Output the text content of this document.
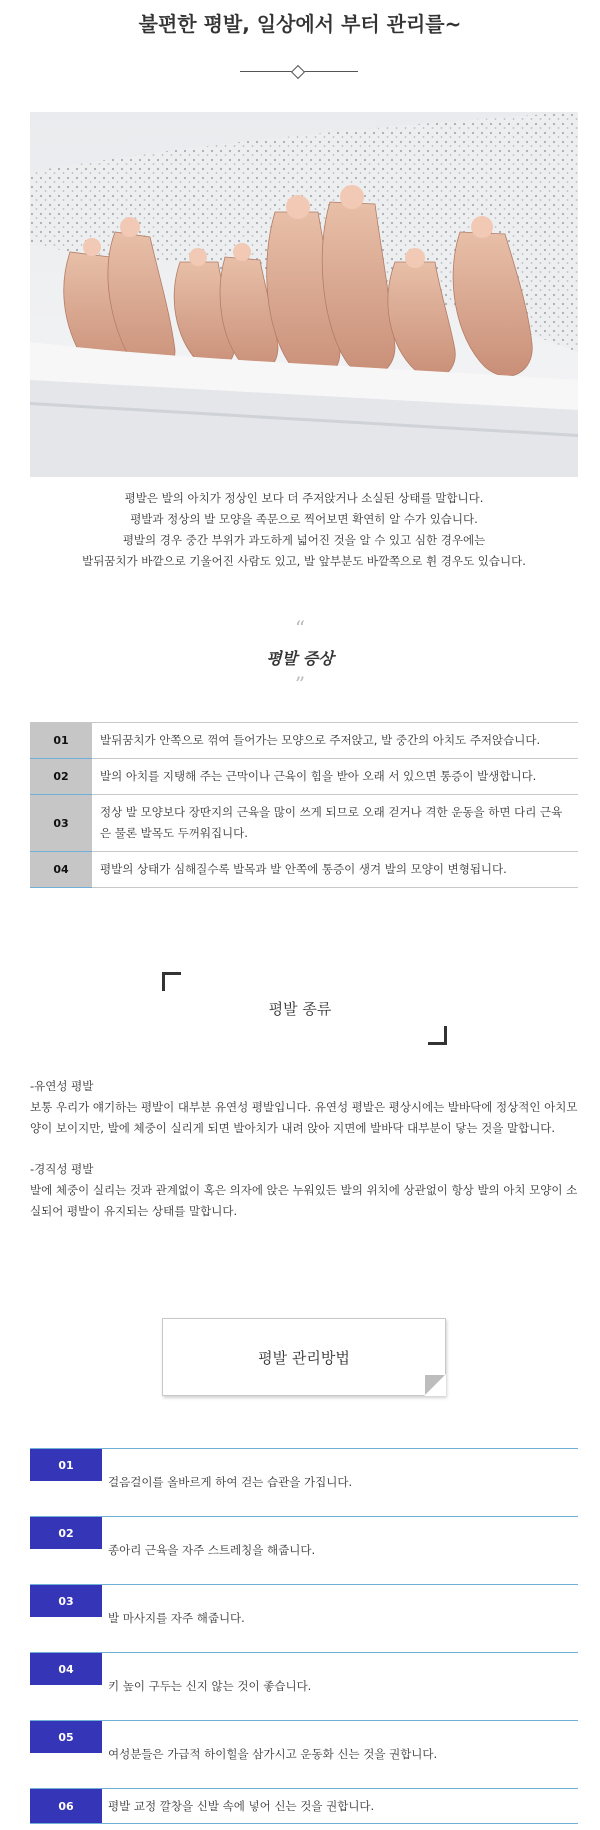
불편한 평발, 일상에서 부터 관리를~
평발은 발의 아치가 정상인 보다 더 주저앉거나 소실된 상태를 말합니다.
평발과 정상의 발 모양을 족문으로 찍어보면 확연히 알 수가 있습니다.
평발의 경우 중간 부위가 과도하게 넓어진 것을 알 수 있고 심한 경우에는
발뒤꿈치가 바깥으로 기울어진 사람도 있고, 발 앞부분도 바깥쪽으로 휜 경우도 있습니다.
“
평발 증상
”
01	발뒤꿈치가 안쪽으로 꺾여 들어가는 모양으로 주저앉고, 발 중간의 아치도 주저앉습니다.
02	발의 아치를 지탱해 주는 근막이나 근육이 힘을 받아 오래 서 있으면 통증이 발생합니다.
03
정상 발 모양보다 장딴지의 근육을 많이 쓰게 되므로 오래 걷거나 격한 운동을 하면 다리 근육은 물론 발목도 두꺼워집니다.
04	평발의 상태가 심해질수록 발목과 발 안쪽에 통증이 생겨 발의 모양이 변형됩니다.
평발 종류

-유연성 평발

보통 우리가 얘기하는 평발이 대부분 유연성 평발입니다. 유연성 평발은 평상시에는 발바닥에 정상적인 아치모양이 보이지만, 발에 체중이 실리게 되면 발아치가 내려 앉아 지면에 발바닥 대부분이 닿는 것을 말합니다.

-경직성 평발

발에 체중이 실리는 것과 관계없이 혹은 의자에 앉은 누워있든 발의 위치에 상관없이 항상 발의 아치 모양이 소실되어 평발이 유지되는 상태를 말합니다.

평발 관리방법
01
걸음걸이를 올바르게 하여 걷는 습관을 가집니다.
02
종아리 근육을 자주 스트레칭을 해줍니다.
03
발 마사지를 자주 해줍니다.
04
키 높이 구두는 신지 않는 것이 좋습니다.
05
여성분들은 가급적 하이힐을 삼가시고 운동화 신는 것을 권합니다.
06	평발 교정 깔창을 신발 속에 넣어 신는 것을 권합니다.
